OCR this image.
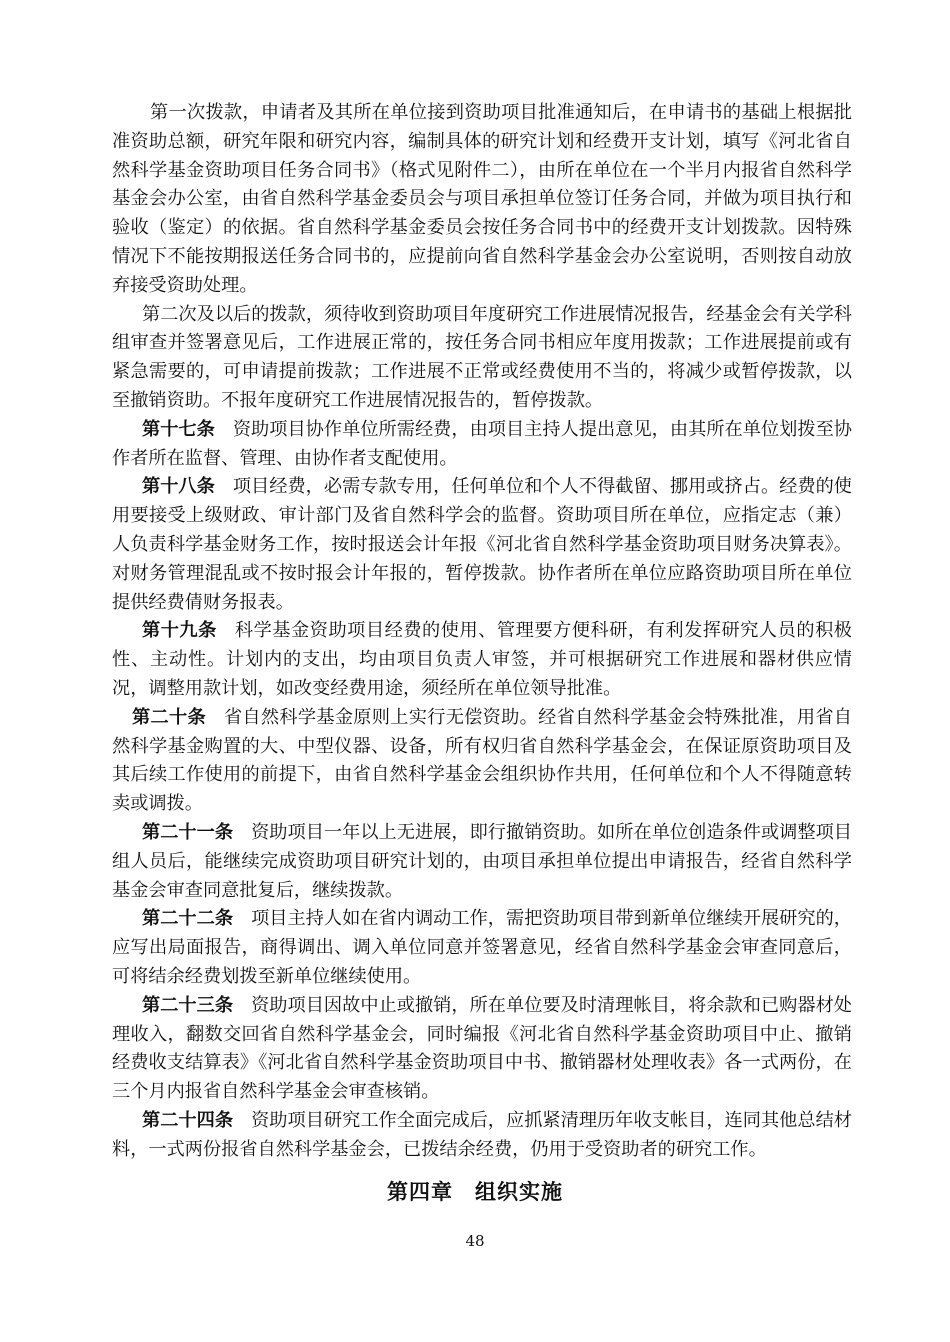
第一次拨款，申请者及其所在单位接到资助项目批准通知后，在申请书的基础上根据批准资助总额，研究年限和研究内容，编制具体的研究计划和经费开支计划，填写《河北省自然科学基金资助项目任务合同书》（格式见附件二），由所在单位在一个半月内报省自然科学基金会办公室，由省自然科学基金委员会与项目承担单位签订任务合同，并做为项目执行和验收（鉴定）的依据。省自然科学基金委员会按任务合同书中的经费开支计划拨款。因特殊情况下不能按期报送任务合同书的，应提前向省自然科学基金会办公室说明，否则按自动放弃接受资助处理。

第二次及以后的拨款，须待收到资助项目年度研究工作进展情况报告，经基金会有关学科组审查并签署意见后，工作进展正常的，按任务合同书相应年度用拨款；工作进展提前或有紧急需要的，可申请提前拨款；工作进展不正常或经费使用不当的，将减少或暂停拨款，以至撤销资助。不报年度研究工作进展情况报告的，暂停拨款。

第十七条 资助项目协作单位所需经费，由项目主持人提出意见，由其所在单位划拨至协作者所在监督、管理、由协作者支配使用。

第十八条 项目经费，必需专款专用，任何单位和个人不得截留、挪用或挤占。经费的使用要接受上级财政、审计部门及省自然科学会的监督。资助项目所在单位，应指定志（兼）人负责科学基金财务工作，按时报送会计年报《河北省自然科学基金资助项目财务决算表》。对财务管理混乱或不按时报会计年报的，暂停拨款。协作者所在单位应路资助项目所在单位提供经费倩财务报表。

第十九条 科学基金资助项目经费的使用、管理要方便科研，有利发挥研究人员的积极性、主动性。计划内的支出，均由项目负责人审签，并可根据研究工作进展和器材供应情况，调整用款计划，如改变经费用途，须经所在单位领导批准。

第二十条 省自然科学基金原则上实行无偿资助。经省自然科学基金会特殊批准，用省自然科学基金购置的大、中型仪器、设备，所有权归省自然科学基金会，在保证原资助项目及其后续工作使用的前提下，由省自然科学基金会组织协作共用，任何单位和个人不得随意转卖或调拨。

第二十一条 资助项目一年以上无进展，即行撤销资助。如所在单位创造条件或调整项目组人员后，能继续完成资助项目研究计划的，由项目承担单位提出申请报告，经省自然科学基金会审查同意批复后，继续拨款。

第二十二条 项目主持人如在省内调动工作，需把资助项目带到新单位继续开展研究的，应写出局面报告，商得调出、调入单位同意并签署意见，经省自然科学基金会审查同意后，可将结余经费划拨至新单位继续使用。

第二十三条 资助项目因故中止或撤销，所在单位要及时清理帐目，将余款和已购器材处理收入，翻数交回省自然科学基金会，同时编报《河北省自然科学基金资助项目中止、撤销经费收支结算表》《河北省自然科学基金资助项目中书、撤销器材处理收表》各一式两份，在三个月内报省自然科学基金会审查核销。

第二十四条 资助项目研究工作全面完成后，应抓紧清理历年收支帐目，连同其他总结材料，一式两份报省自然科学基金会，已拨结余经费，仍用于受资助者的研究工作。

第四章 组织实施
48
